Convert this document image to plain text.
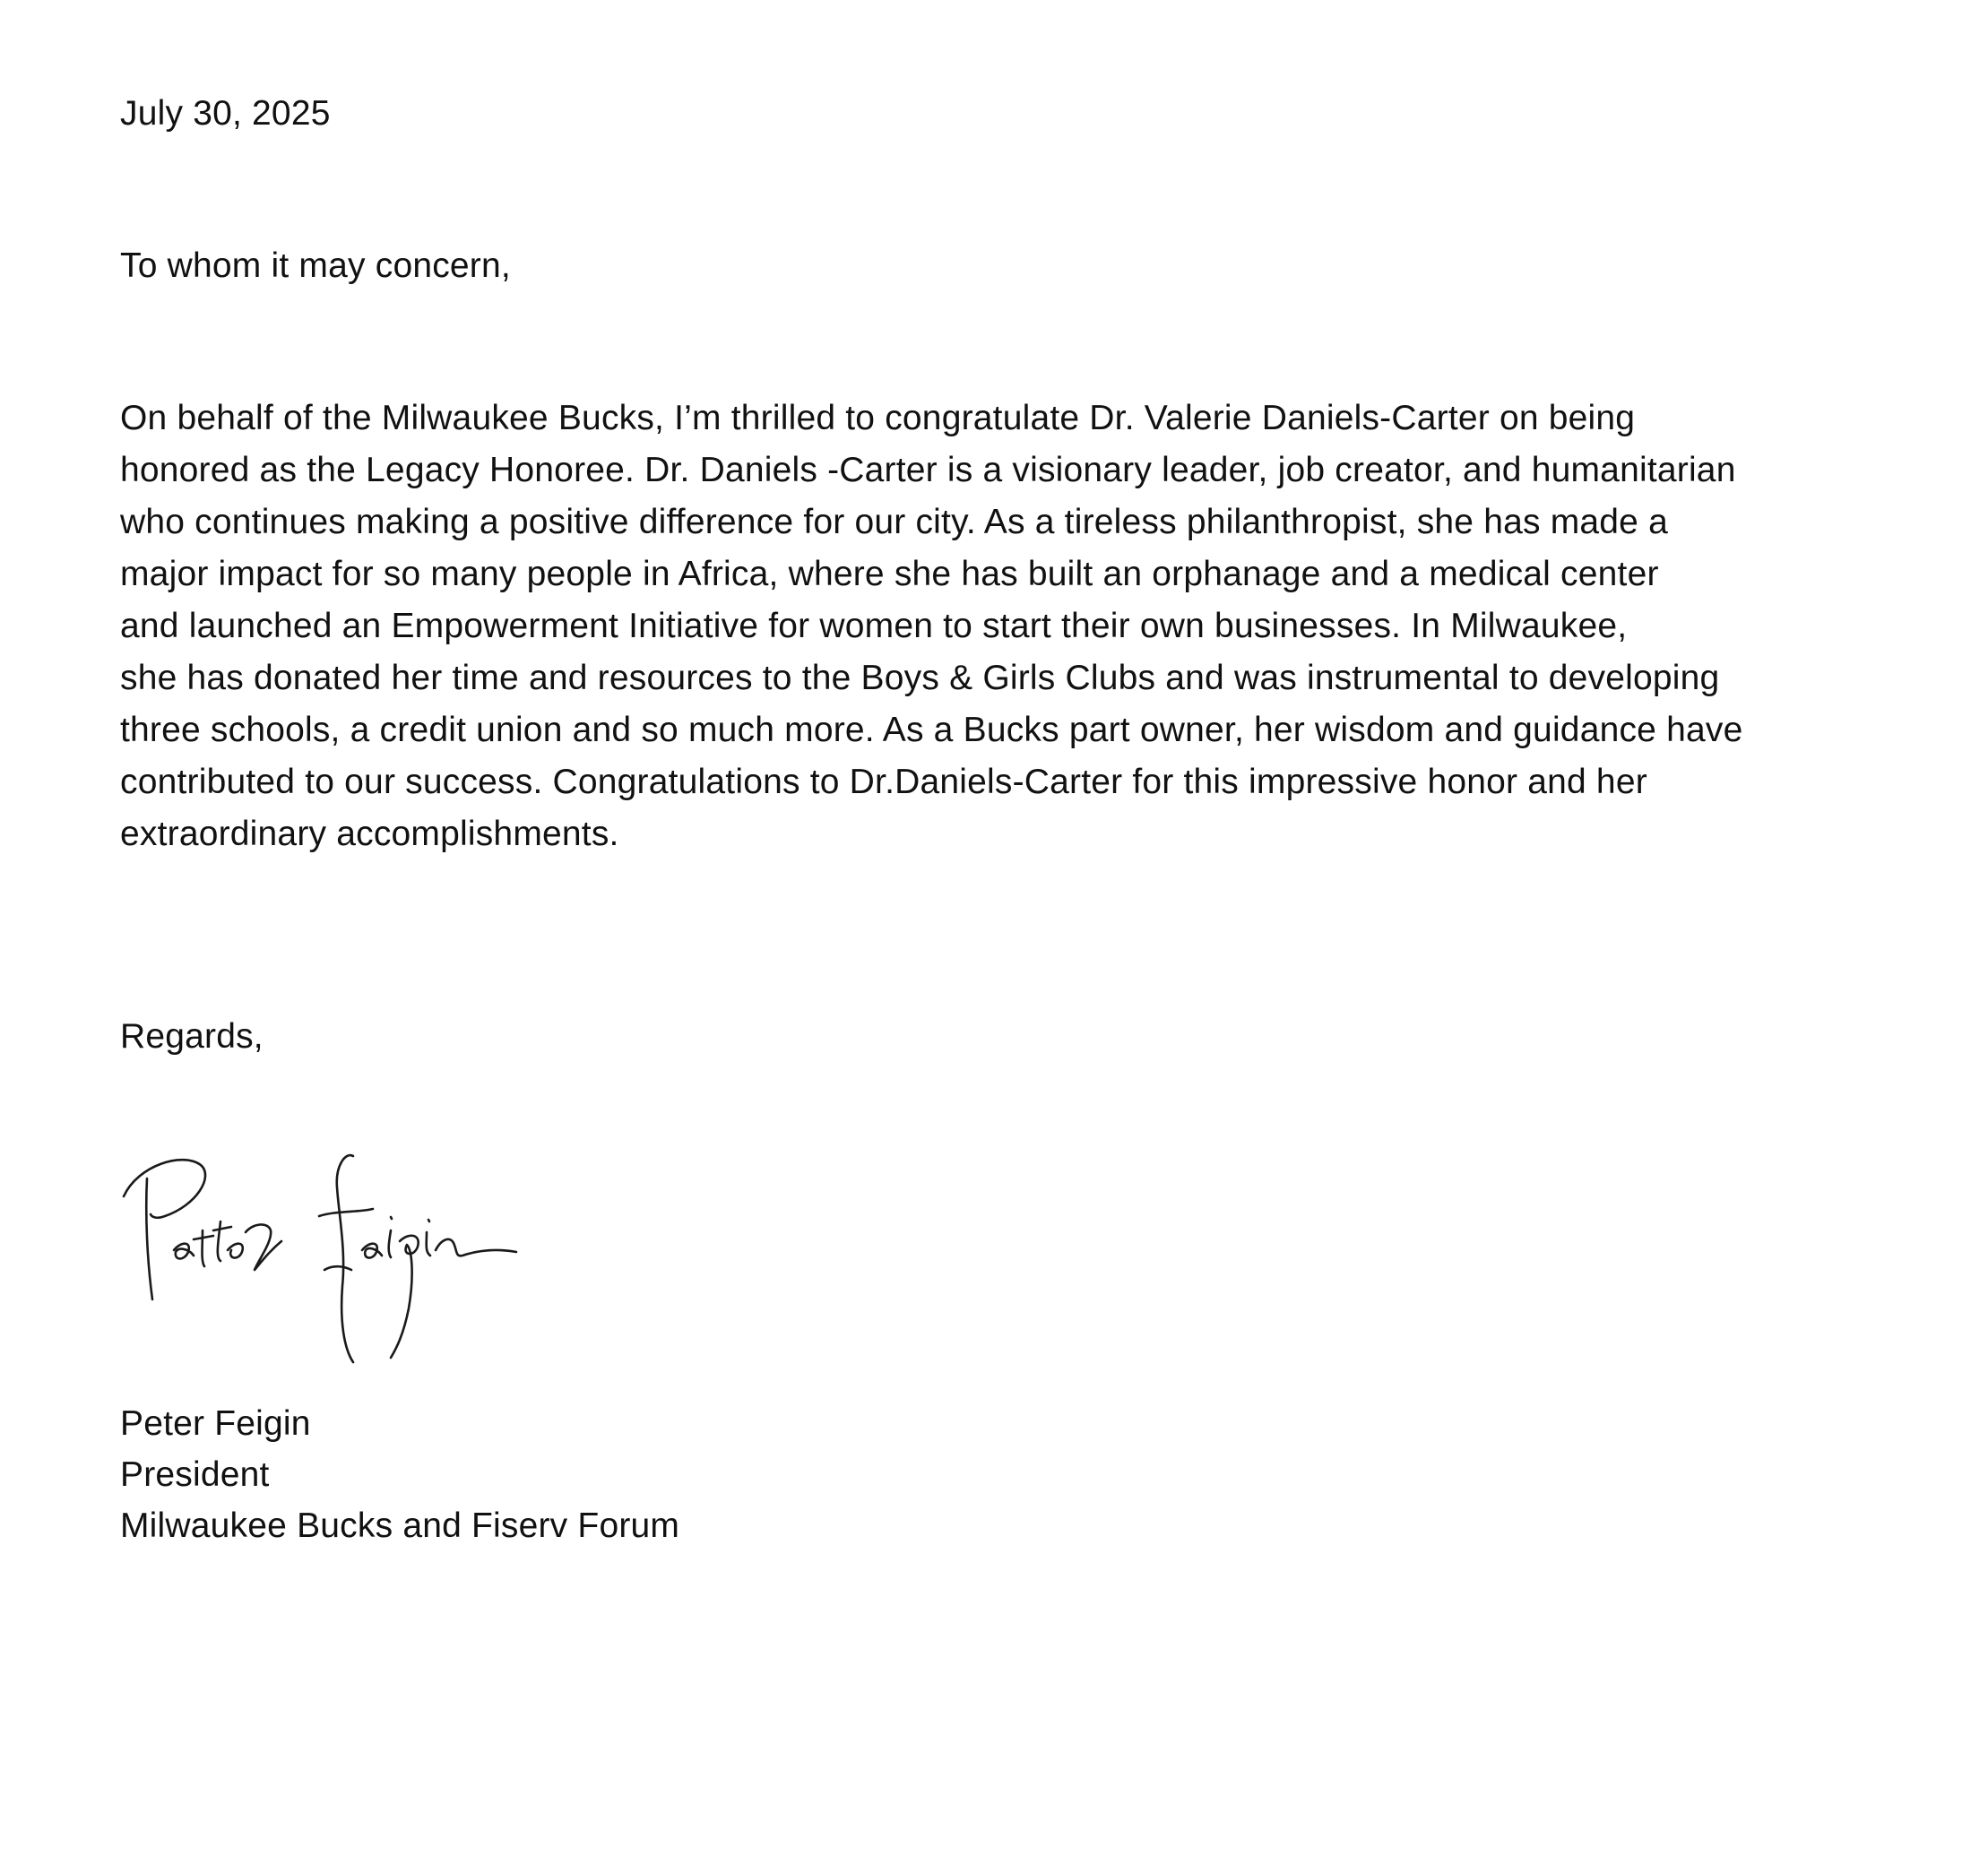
July 30, 2025
To whom it may concern,
On behalf of the Milwaukee Bucks, I’m thrilled to congratulate Dr. Valerie Daniels-Carter on being
honored as the Legacy Honoree. Dr. Daniels -Carter is a visionary leader, job creator, and humanitarian
who continues making a positive difference for our city. As a tireless philanthropist, she has made a
major impact for so many people in Africa, where she has built an orphanage and a medical center
and launched an Empowerment Initiative for women to start their own businesses. In Milwaukee,
she has donated her time and resources to the Boys & Girls Clubs and was instrumental to developing
three schools, a credit union and so much more. As a Bucks part owner, her wisdom and guidance have
contributed to our success. Congratulations to Dr.Daniels-Carter for this impressive honor and her
extraordinary accomplishments.
Regards,
Peter Feigin
President
Milwaukee Bucks and Fiserv Forum
